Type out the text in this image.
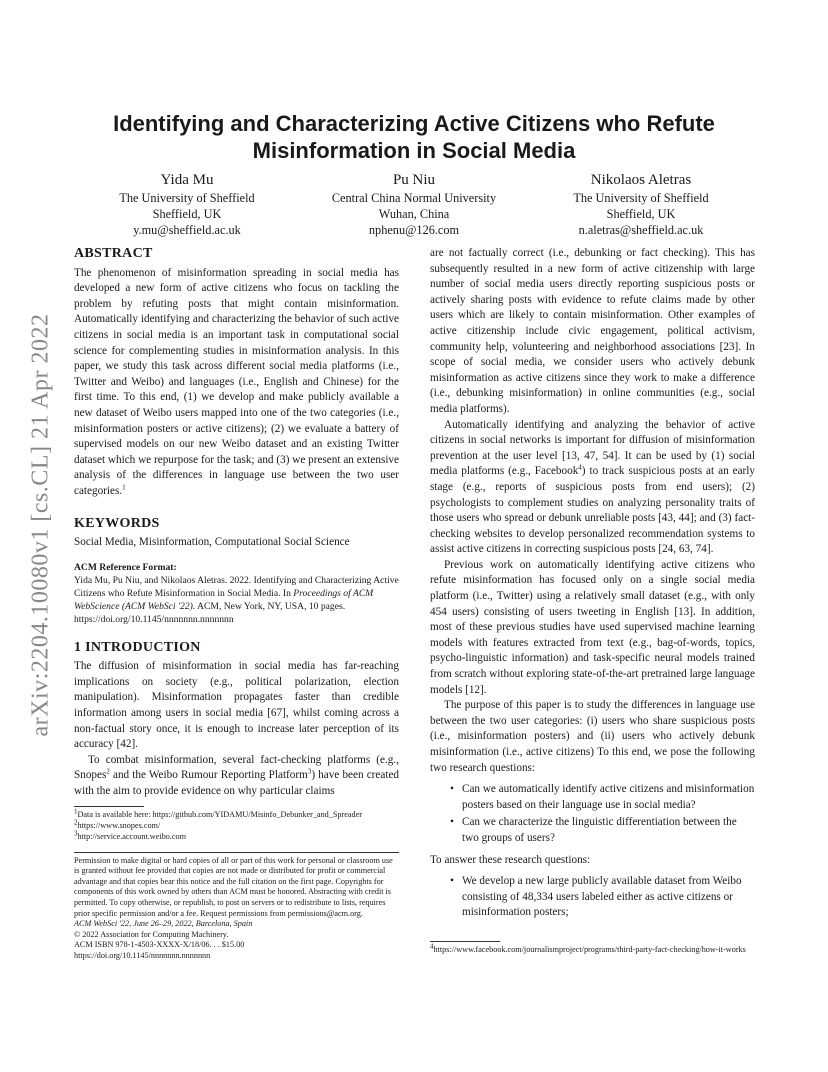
arXiv:2204.10080v1 [cs.CL] 21 Apr 2022
Identifying and Characterizing Active Citizens who Refute Misinformation in Social Media
Yida Mu
The University of Sheffield
Sheffield, UK
y.mu@sheffield.ac.uk
Pu Niu
Central China Normal University
Wuhan, China
nphenu@126.com
Nikolaos Aletras
The University of Sheffield
Sheffield, UK
n.aletras@sheffield.ac.uk
ABSTRACT

The phenomenon of misinformation spreading in social media has developed a new form of active citizens who focus on tackling the problem by refuting posts that might contain misinformation. Automatically identifying and characterizing the behavior of such active citizens in social media is an important task in computational social science for complementing studies in misinformation analysis. In this paper, we study this task across different social media platforms (i.e., Twitter and Weibo) and languages (i.e., English and Chinese) for the first time. To this end, (1) we develop and make publicly available a new dataset of Weibo users mapped into one of the two categories (i.e., misinformation posters or active citizens); (2) we evaluate a battery of supervised models on our new Weibo dataset and an existing Twitter dataset which we repurpose for the task; and (3) we present an extensive analysis of the differences in language use between the two user categories.$^1$

KEYWORDS

Social Media, Misinformation, Computational Social Science

ACM Reference Format:

Yida Mu, Pu Niu, and Nikolaos Aletras. 2022. Identifying and Characterizing Active Citizens who Refute Misinformation in Social Media. In Proceedings of ACM WebScience (ACM WebSci '22). ACM, New York, NY, USA, 10 pages. https://doi.org/10.1145/nnnnnnn.nnnnnnn

1 INTRODUCTION

The diffusion of misinformation in social media has far-reaching implications on society (e.g., political polarization, election manipulation). Misinformation propagates faster than credible information among users in social media [67], whilst coming across a non-factual story once, it is enough to increase later perception of its accuracy [42].

To combat misinformation, several fact-checking platforms (e.g., Snopes$^2$ and the Weibo Rumour Reporting Platform$^3$) have been created with the aim to provide evidence on why particular claims

$^1$Data is available here: https://github.com/YIDAMU/Misinfo_Debunker_and_Spreader

$^2$https://www.snopes.com/

$^3$http://service.account.weibo.com

Permission to make digital or hard copies of all or part of this work for personal or classroom use is granted without fee provided that copies are not made or distributed for profit or commercial advantage and that copies bear this notice and the full citation on the first page. Copyrights for components of this work owned by others than ACM must be honored. Abstracting with credit is permitted. To copy otherwise, or republish, to post on servers or to redistribute to lists, requires prior specific permission and/or a fee. Request permissions from permissions@acm.org.

ACM WebSci '22, June 26–29, 2022, Barcelona, Spain

© 2022 Association for Computing Machinery.

ACM ISBN 978-1-4503-XXXX-X/18/06. . . $15.00

https://doi.org/10.1145/nnnnnnn.nnnnnnn

are not factually correct (i.e., debunking or fact checking). This has subsequently resulted in a new form of active citizenship with large number of social media users directly reporting suspicious posts or actively sharing posts with evidence to refute claims made by other users which are likely to contain misinformation. Other examples of active citizenship include civic engagement, political activism, community help, volunteering and neighborhood associations [23]. In scope of social media, we consider users who actively debunk misinformation as active citizens since they work to make a difference (i.e., debunking misinformation) in online communities (e.g., social media platforms).

Automatically identifying and analyzing the behavior of active citizens in social networks is important for diffusion of misinformation prevention at the user level [13, 47, 54]. It can be used by (1) social media platforms (e.g., Facebook$^4$) to track suspicious posts at an early stage (e.g., reports of suspicious posts from end users); (2) psychologists to complement studies on analyzing personality traits of those users who spread or debunk unreliable posts [43, 44]; and (3) fact-checking websites to develop personalized recommendation systems to assist active citizens in correcting suspicious posts [24, 63, 74].

Previous work on automatically identifying active citizens who refute misinformation has focused only on a single social media platform (i.e., Twitter) using a relatively small dataset (e.g., with only 454 users) consisting of users tweeting in English [13]. In addition, most of these previous studies have used supervised machine learning models with features extracted from text (e.g., bag-of-words, topics, psycho-linguistic information) and task-specific neural models trained from scratch without exploring state-of-the-art pretrained large language models [12].

The purpose of this paper is to study the differences in language use between the two user categories: (i) users who share suspicious posts (i.e., misinformation posters) and (ii) users who actively debunk misinformation (i.e., active citizens) To this end, we pose the following two research questions:

• Can we automatically identify active citizens and misinformation posters based on their language use in social media?
• Can we characterize the linguistic differentiation between the two groups of users?

To answer these research questions:

• We develop a new large publicly available dataset from Weibo consisting of 48,334 users labeled either as active citizens or misinformation posters;

$^4$https://www.facebook.com/journalismproject/programs/third-party-fact-checking/how-it-works
